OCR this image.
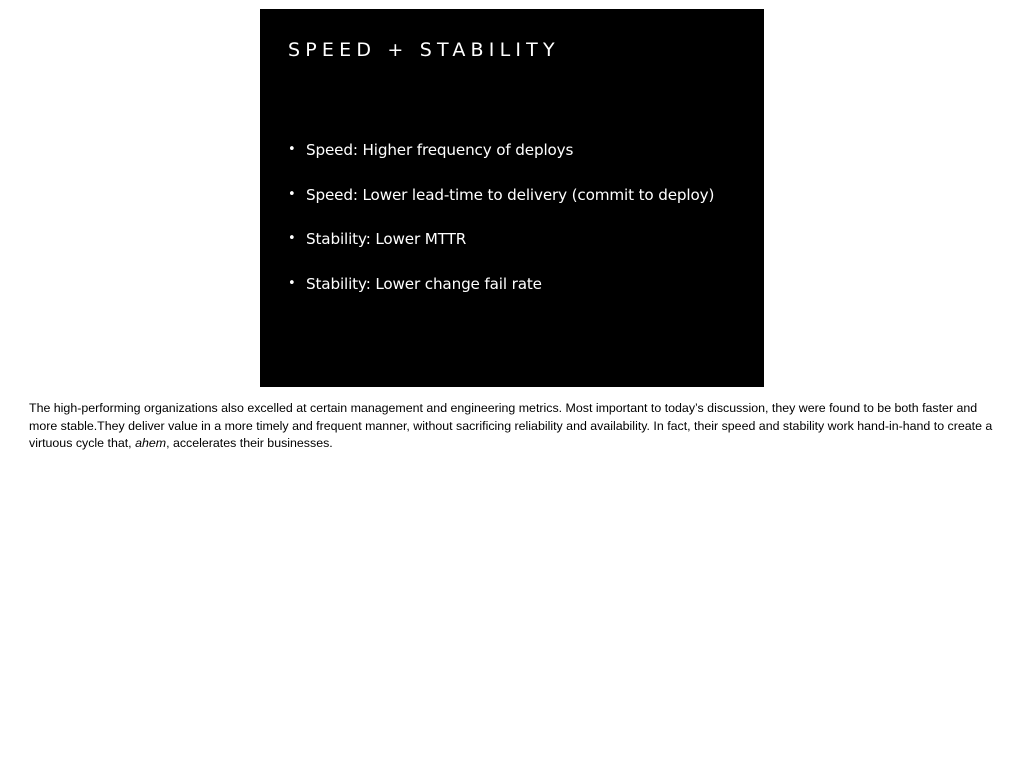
SPEED + STABILITY
• Speed: Higher frequency of deploys
• Speed: Lower lead-time to delivery (commit to deploy)
• Stability: Lower MTTR
• Stability: Lower change fail rate

The high-performing organizations also excelled at certain management and engineering metrics. Most important to today’s discussion, they were found to be both faster and more stable.They deliver value in a more timely and frequent manner, without sacrificing reliability and availability. In fact, their speed and stability work hand-in-hand to create a virtuous cycle that, ahem, accelerates their businesses.
